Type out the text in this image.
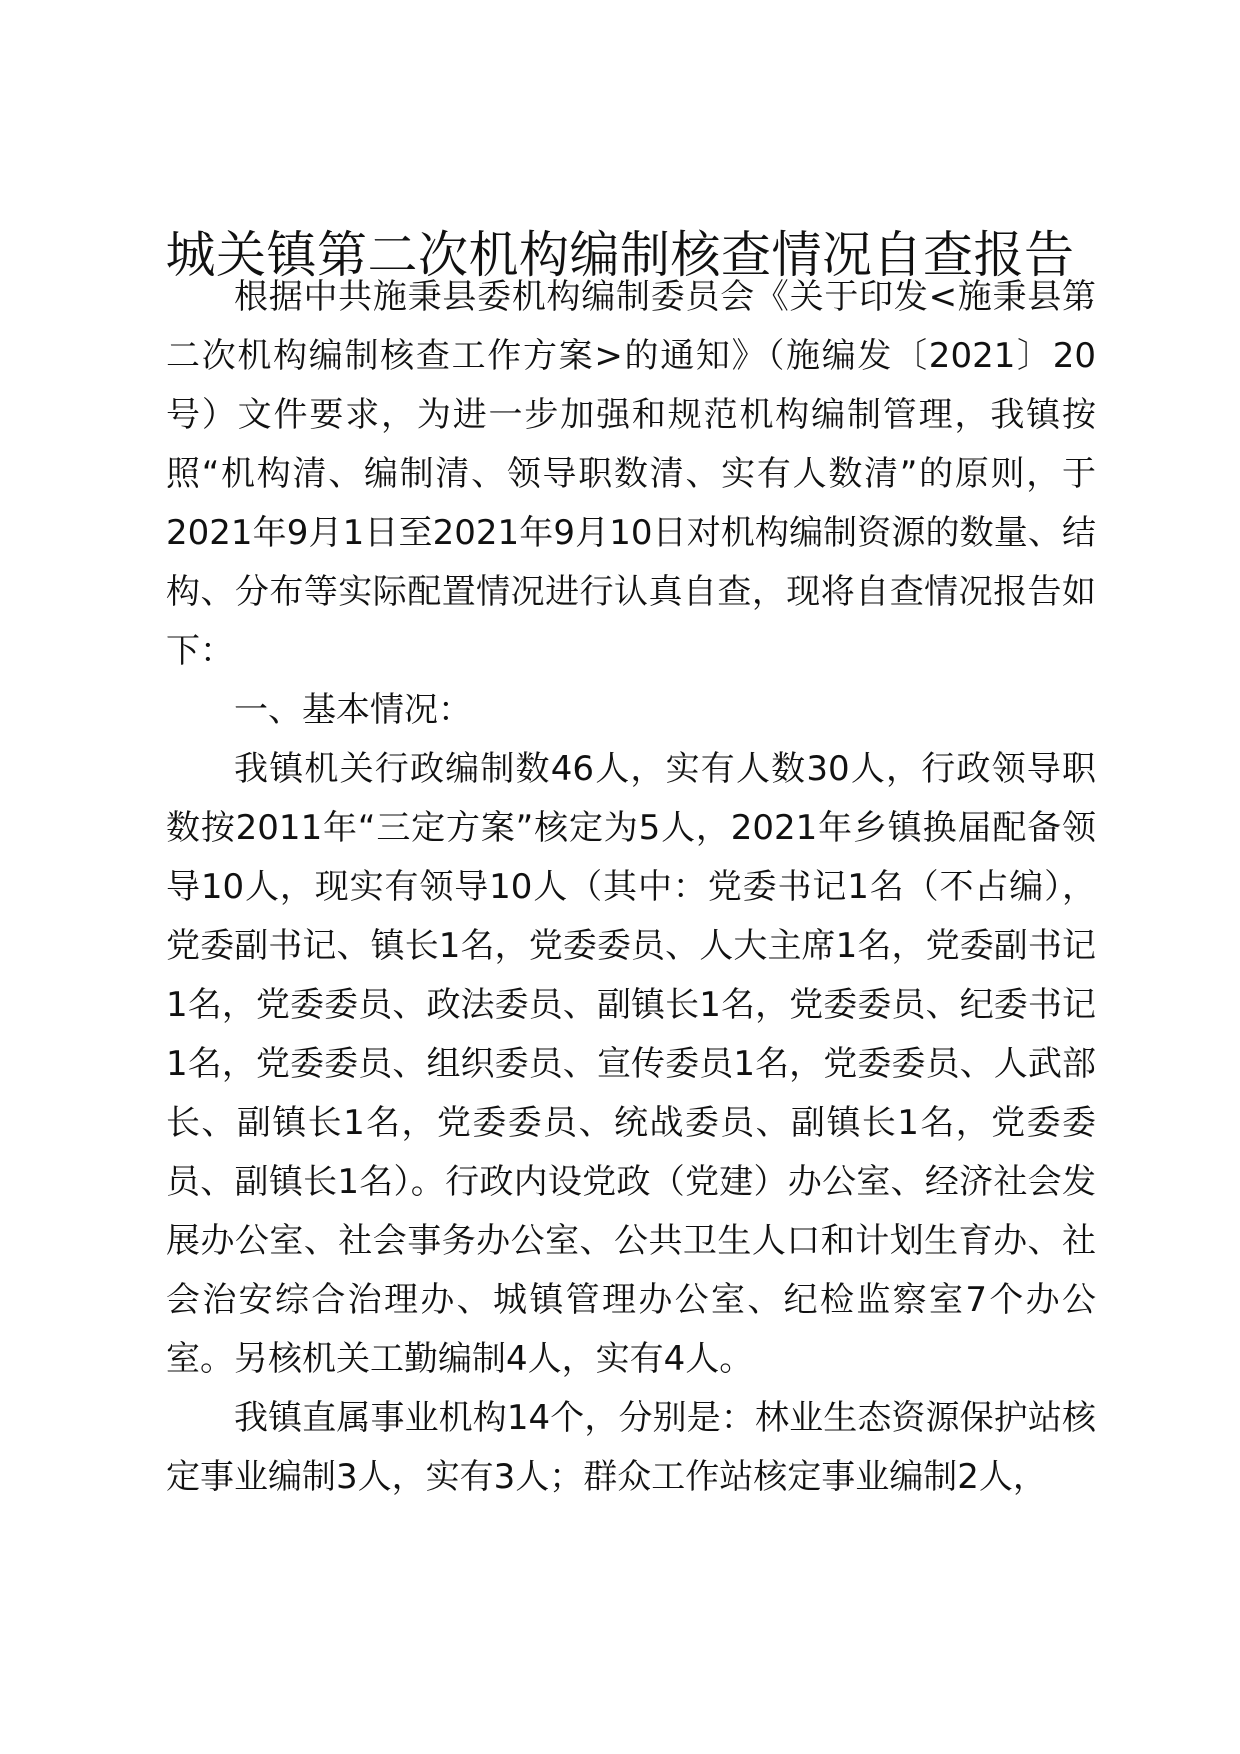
城关镇第二次机构编制核查情况自查报告

根据中共施秉县委机构编制委员会《关于印发<施秉县第二次机构编制核查工作方案>的通知》（施编发〔2021〕20号）文件要求，为进一步加强和规范机构编制管理，我镇按照“机构清、编制清、领导职数清、实有人数清”的原则，于2021年9月1日至2021年9月10日对机构编制资源的数量、结构、分布等实际配置情况进行认真自查，现将自查情况报告如下：

一、基本情况：

我镇机关行政编制数46人，实有人数30人，行政领导职数按2011年“三定方案”核定为5人，2021年乡镇换届配备领导10人，现实有领导10人（其中：党委书记1名（不占编），党委副书记、镇长1名，党委委员、人大主席1名，党委副书记1名，党委委员、政法委员、副镇长1名，党委委员、纪委书记1名，党委委员、组织委员、宣传委员1名，党委委员、人武部长、副镇长1名，党委委员、统战委员、副镇长1名，党委委员、副镇长1名）。行政内设党政（党建）办公室、经济社会发展办公室、社会事务办公室、公共卫生人口和计划生育办、社会治安综合治理办、城镇管理办公室、纪检监察室7个办公室。另核机关工勤编制4人，实有4人。

我镇直属事业机构14个，分别是：林业生态资源保护站核定事业编制3人，实有3人；群众工作站核定事业编制2人，
